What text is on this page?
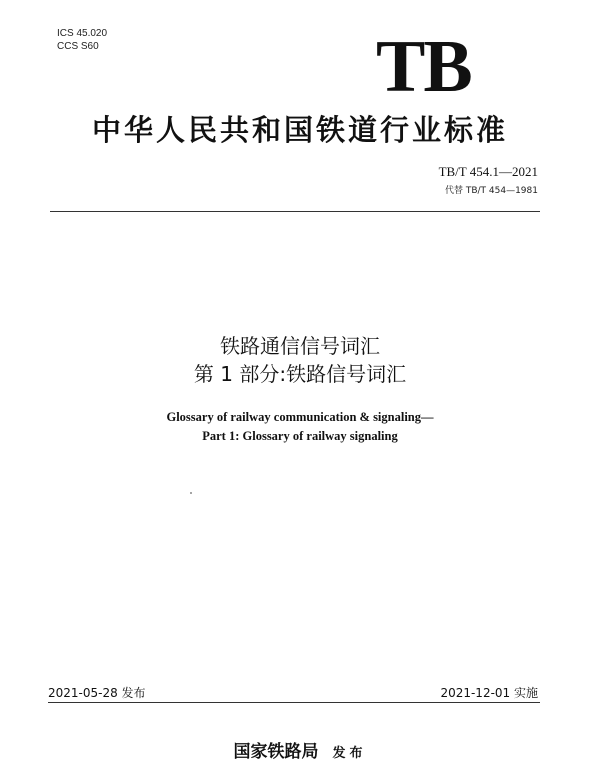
ICS 45.020
CCS S60	TB
中华人民共和国铁道行业标准
TB/T 454.1—2021
代替 TB/T 454—1981
铁路通信信号词汇
第 1 部分:铁路信号词汇
Glossary of railway communication & signaling—
Part 1: Glossary of railway signaling
2021-05-28 发布	2021-12-01 实施
国家铁路局 发布
